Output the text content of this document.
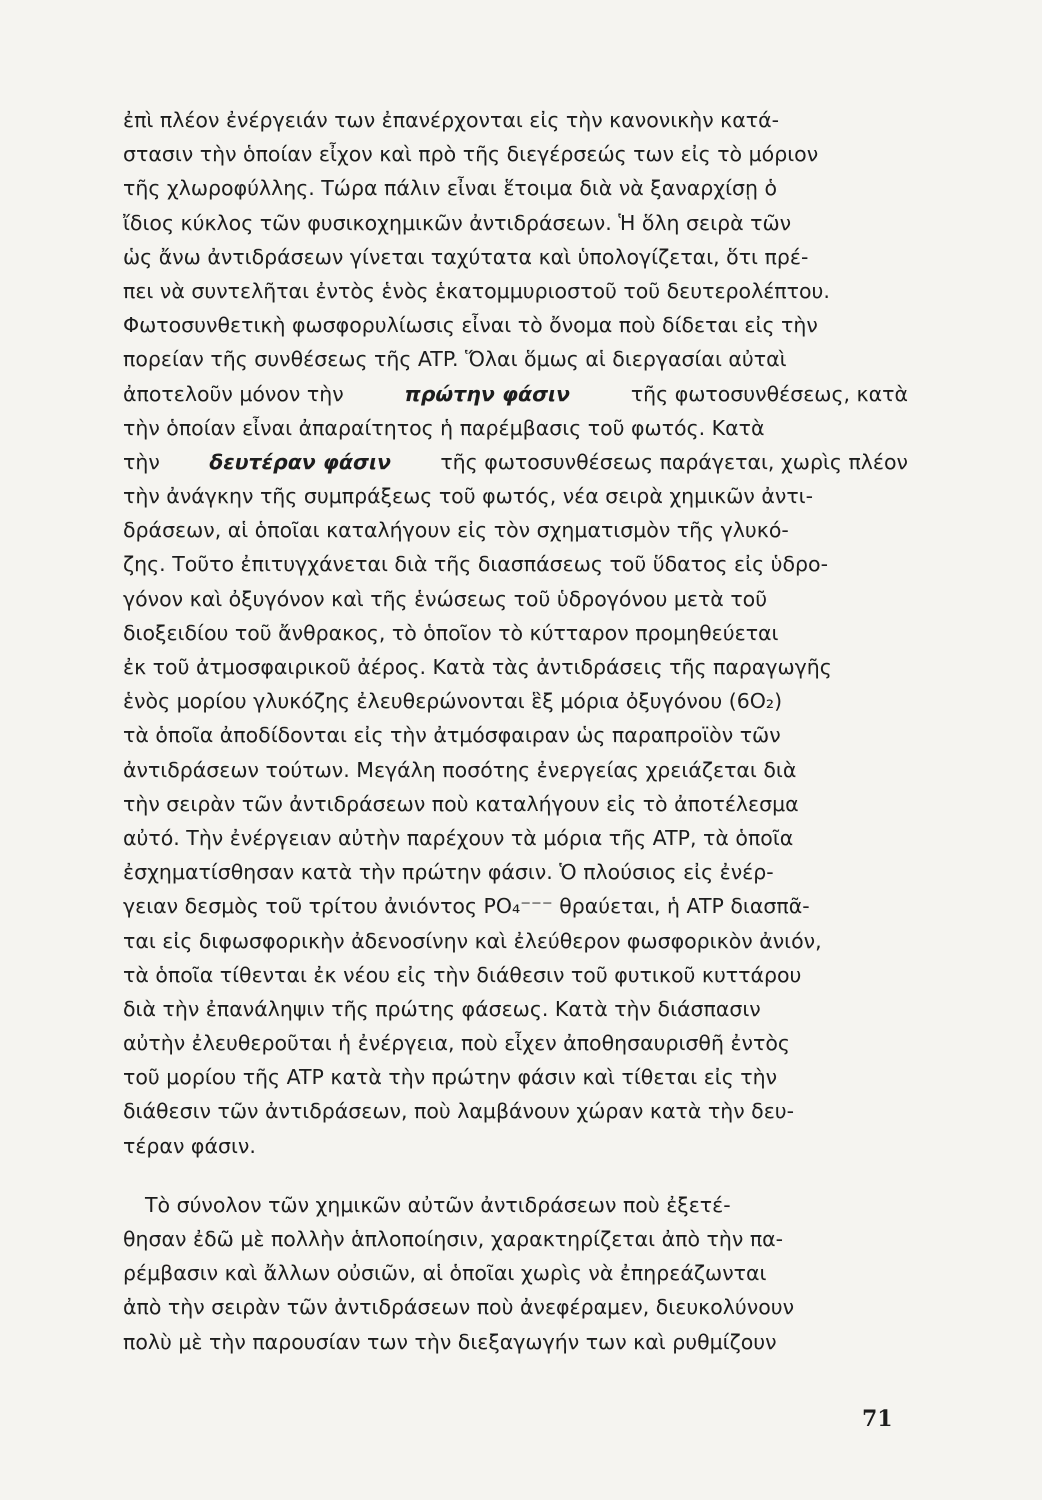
ἐπὶ πλέον ἐνέργειάν των ἐπανέρχονται εἰς τὴν κανονικὴν κατά-
στασιν τὴν ὁποίαν εἶχον καὶ πρὸ τῆς διεγέρσεώς των εἰς τὸ μόριον
τῆς χλωροφύλλης. Τώρα πάλιν εἶναι ἕτοιμα διὰ νὰ ξαναρχίσῃ ὁ
ἴδιος κύκλος τῶν φυσικοχημικῶν ἀντιδράσεων. Ἡ ὅλη σειρὰ τῶν
ὡς ἄνω ἀντιδράσεων γίνεται ταχύτατα καὶ ὑπολογίζεται, ὅτι πρέ-
πει νὰ συντελῆται ἐντὸς ἑνὸς ἑκατομμυριοστοῦ τοῦ δευτερολέπτου.
Φωτοσυνθετικὴ φωσφορυλίωσις εἶναι τὸ ὄνομα ποὺ δίδεται εἰς τὴν
πορείαν τῆς συνθέσεως τῆς ATP. Ὅλαι ὅμως αἱ διεργασίαι αὐταὶ
ἀποτελοῦν μόνον τὴν	πρώτην φάσιν	τῆς φωτοσυνθέσεως, κατὰ
τὴν ὁποίαν εἶναι ἀπαραίτητος ἡ παρέμβασις τοῦ φωτός. Κατὰ
τὴν δευτέραν φάσιν τῆς φωτοσυνθέσεως παράγεται, χωρὶς πλέον
τὴν ἀνάγκην τῆς συμπράξεως τοῦ φωτός, νέα σειρὰ χημικῶν ἀντι-
δράσεων, αἱ ὁποῖαι καταλήγουν εἰς τὸν σχηματισμὸν τῆς γλυκό-
ζης. Τοῦτο ἐπιτυγχάνεται διὰ τῆς διασπάσεως τοῦ ὕδατος εἰς ὑδρο-
γόνον καὶ ὀξυγόνον καὶ τῆς ἑνώσεως τοῦ ὑδρογόνου μετὰ τοῦ
διοξειδίου τοῦ ἄνθρακος, τὸ ὁποῖον τὸ κύτταρον προμηθεύεται
ἐκ τοῦ ἀτμοσφαιρικοῦ ἀέρος. Κατὰ τὰς ἀντιδράσεις τῆς παραγωγῆς
ἑνὸς μορίου γλυκόζης ἐλευθερώνονται ἓξ μόρια ὀξυγόνου (6O₂)
τὰ ὁποῖα ἀποδίδονται εἰς τὴν ἀτμόσφαιραν ὡς παραπροϊὸν τῶν
ἀντιδράσεων τούτων. Μεγάλη ποσότης ἐνεργείας χρειάζεται διὰ
τὴν σειρὰν τῶν ἀντιδράσεων ποὺ καταλήγουν εἰς τὸ ἀποτέλεσμα
αὐτό. Τὴν ἐνέργειαν αὐτὴν παρέχουν τὰ μόρια τῆς ATP, τὰ ὁποῖα
ἐσχηματίσθησαν κατὰ τὴν πρώτην φάσιν. Ὁ πλούσιος εἰς ἐνέρ-
γειαν δεσμὸς τοῦ τρίτου ἀνιόντος PO₄⁻⁻⁻ θραύεται, ἡ ATP διασπᾶ-
ται εἰς διφωσφορικὴν ἀδενοσίνην καὶ ἐλεύθερον φωσφορικὸν ἀνιόν,
τὰ ὁποῖα τίθενται ἐκ νέου εἰς τὴν διάθεσιν τοῦ φυτικοῦ κυττάρου
διὰ τὴν ἐπανάληψιν τῆς πρώτης φάσεως. Κατὰ τὴν διάσπασιν
αὐτὴν ἐλευθεροῦται ἡ ἐνέργεια, ποὺ εἶχεν ἀποθησαυρισθῆ ἐντὸς
τοῦ μορίου τῆς ATP κατὰ τὴν πρώτην φάσιν καὶ τίθεται εἰς τὴν
διάθεσιν τῶν ἀντιδράσεων, ποὺ λαμβάνουν χώραν κατὰ τὴν δευ-
τέραν φάσιν.
Τὸ σύνολον τῶν χημικῶν αὐτῶν ἀντιδράσεων ποὺ ἐξετέ-
θησαν ἐδῶ μὲ πολλὴν ἁπλοποίησιν, χαρακτηρίζεται ἀπὸ τὴν πα-
ρέμβασιν καὶ ἄλλων οὐσιῶν, αἱ ὁποῖαι χωρὶς νὰ ἐπηρεάζωνται
ἀπὸ τὴν σειρὰν τῶν ἀντιδράσεων ποὺ ἀνεφέραμεν, διευκολύνουν
πολὺ μὲ τὴν παρουσίαν των τὴν διεξαγωγήν των καὶ ρυθμίζουν
71
